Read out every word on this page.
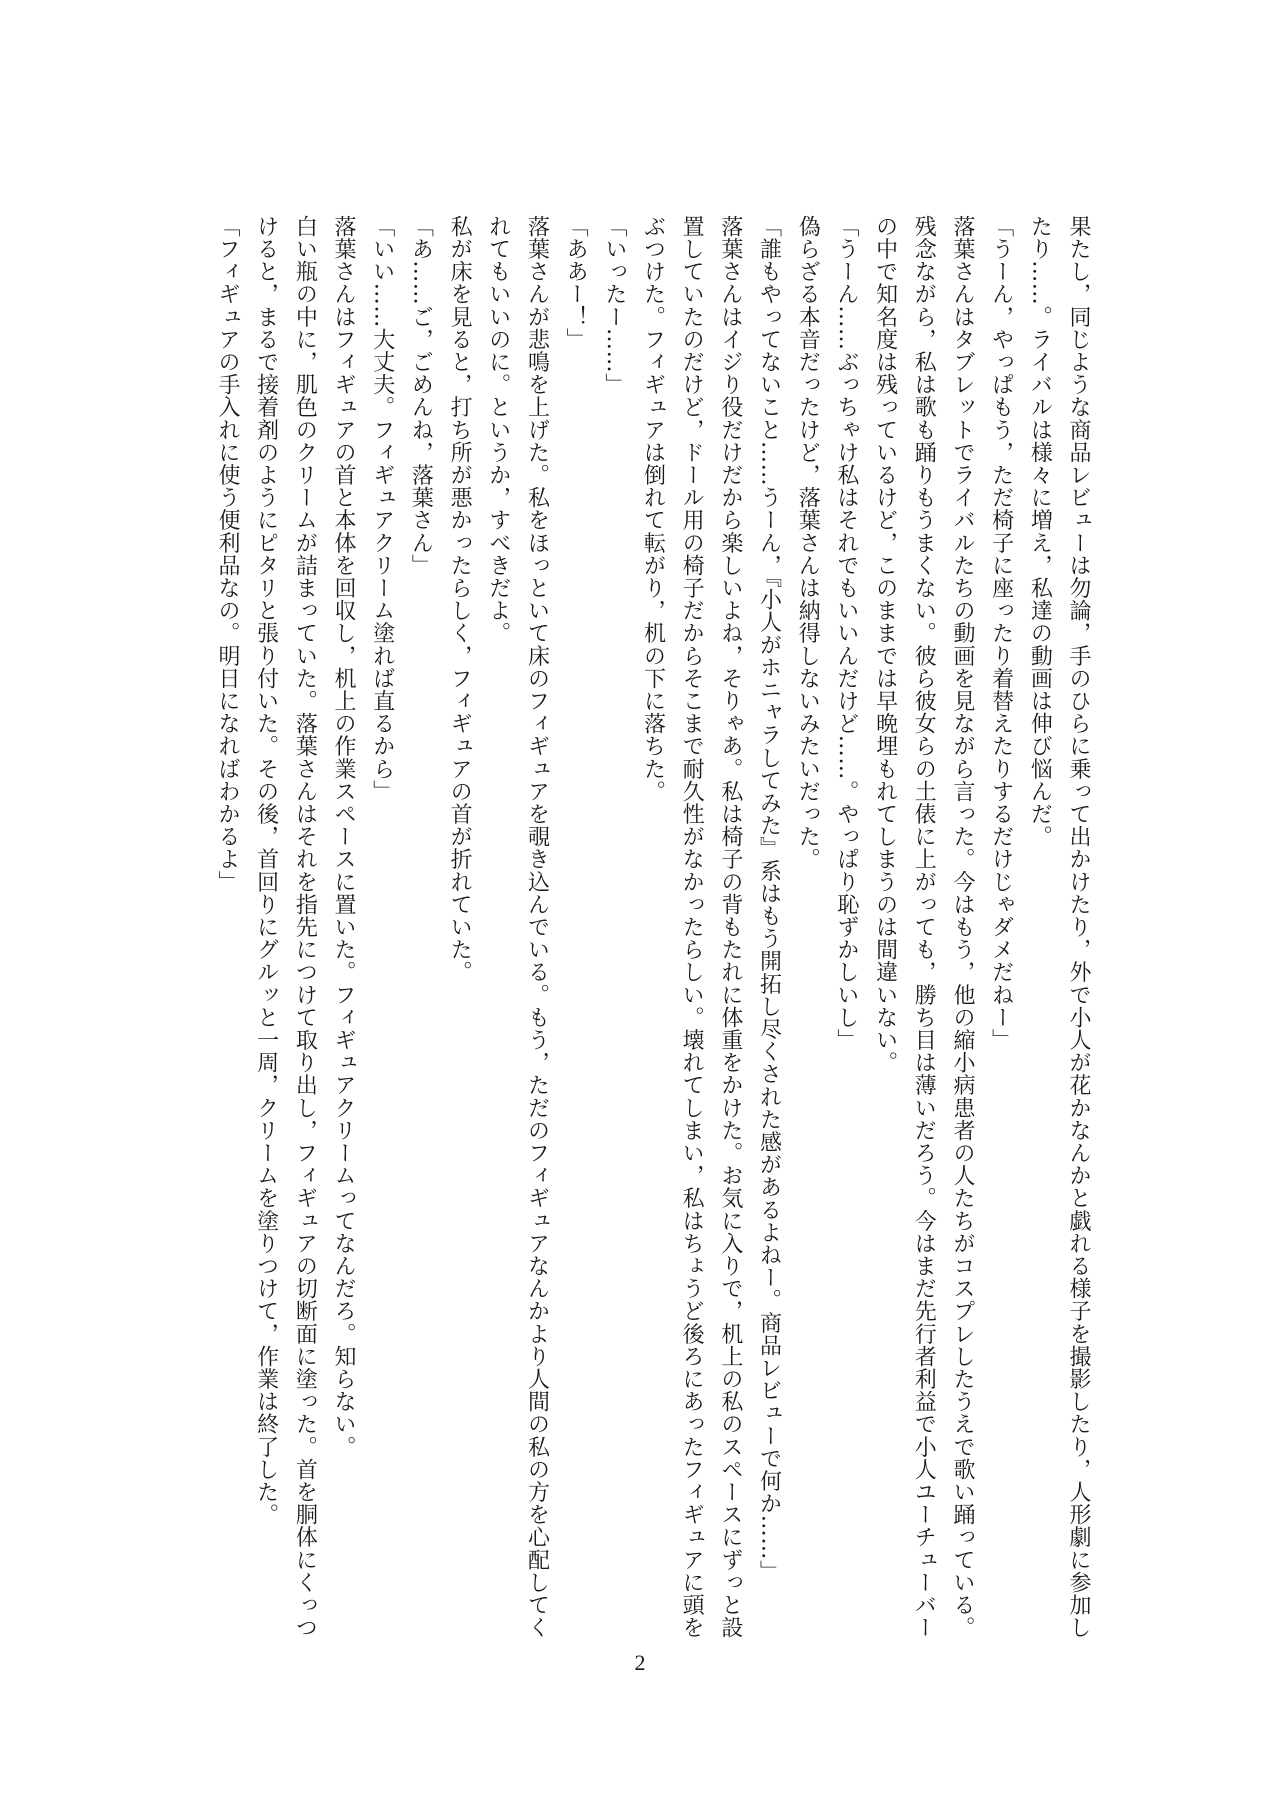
果たし，同じような商品レビューは勿論，手のひらに乗って出かけたり，外で小人が花かなんかと戯れる様子を撮影したり，人形劇に参加し
たり……。ライバルは様々に増え，私達の動画は伸び悩んだ。
「うーん，やっぱもう，ただ椅子に座ったり着替えたりするだけじゃダメだねー」
落葉さんはタブレットでライバルたちの動画を見ながら言った。今はもう，他の縮小病患者の人たちがコスプレしたうえで歌い踊っている。
残念ながら，私は歌も踊りもうまくない。彼ら彼女らの土俵に上がっても，勝ち目は薄いだろう。今はまだ先行者利益で小人ユーチューバー
の中で知名度は残っているけど，このままでは早晩埋もれてしまうのは間違いない。
「うーん……ぶっちゃけ私はそれでもいいんだけど……。やっぱり恥ずかしいし」
偽らざる本音だったけど，落葉さんは納得しないみたいだった。
「誰もやってないこと……うーん，『小人がホニャラしてみた』系はもう開拓し尽くされた感があるよねー。商品レビューで何か……」
落葉さんはイジり役だけだから楽しいよね，そりゃあ。私は椅子の背もたれに体重をかけた。お気に入りで，机上の私のスペースにずっと設
置していたのだけど，ドール用の椅子だからそこまで耐久性がなかったらしい。壊れてしまい，私はちょうど後ろにあったフィギュアに頭を
ぶつけた。フィギュアは倒れて転がり，机の下に落ちた。
「いったー……」
「ああー！」
落葉さんが悲鳴を上げた。私をほっといて床のフィギュアを覗き込んでいる。もう，ただのフィギュアなんかより人間の私の方を心配してく
れてもいいのに。というか，すべきだよ。
私が床を見ると，打ち所が悪かったらしく，フィギュアの首が折れていた。
「あ……ご，ごめんね，落葉さん」
「いい……大丈夫。フィギュアクリーム塗れば直るから」
落葉さんはフィギュアの首と本体を回収し，机上の作業スペースに置いた。フィギュアクリームってなんだろ。知らない。
白い瓶の中に，肌色のクリームが詰まっていた。落葉さんはそれを指先につけて取り出し，フィギュアの切断面に塗った。首を胴体にくっつ
けると，まるで接着剤のようにピタリと張り付いた。その後，首回りにグルッと一周，クリームを塗りつけて，作業は終了した。
「フィギュアの手入れに使う便利品なの。明日になればわかるよ」
2
